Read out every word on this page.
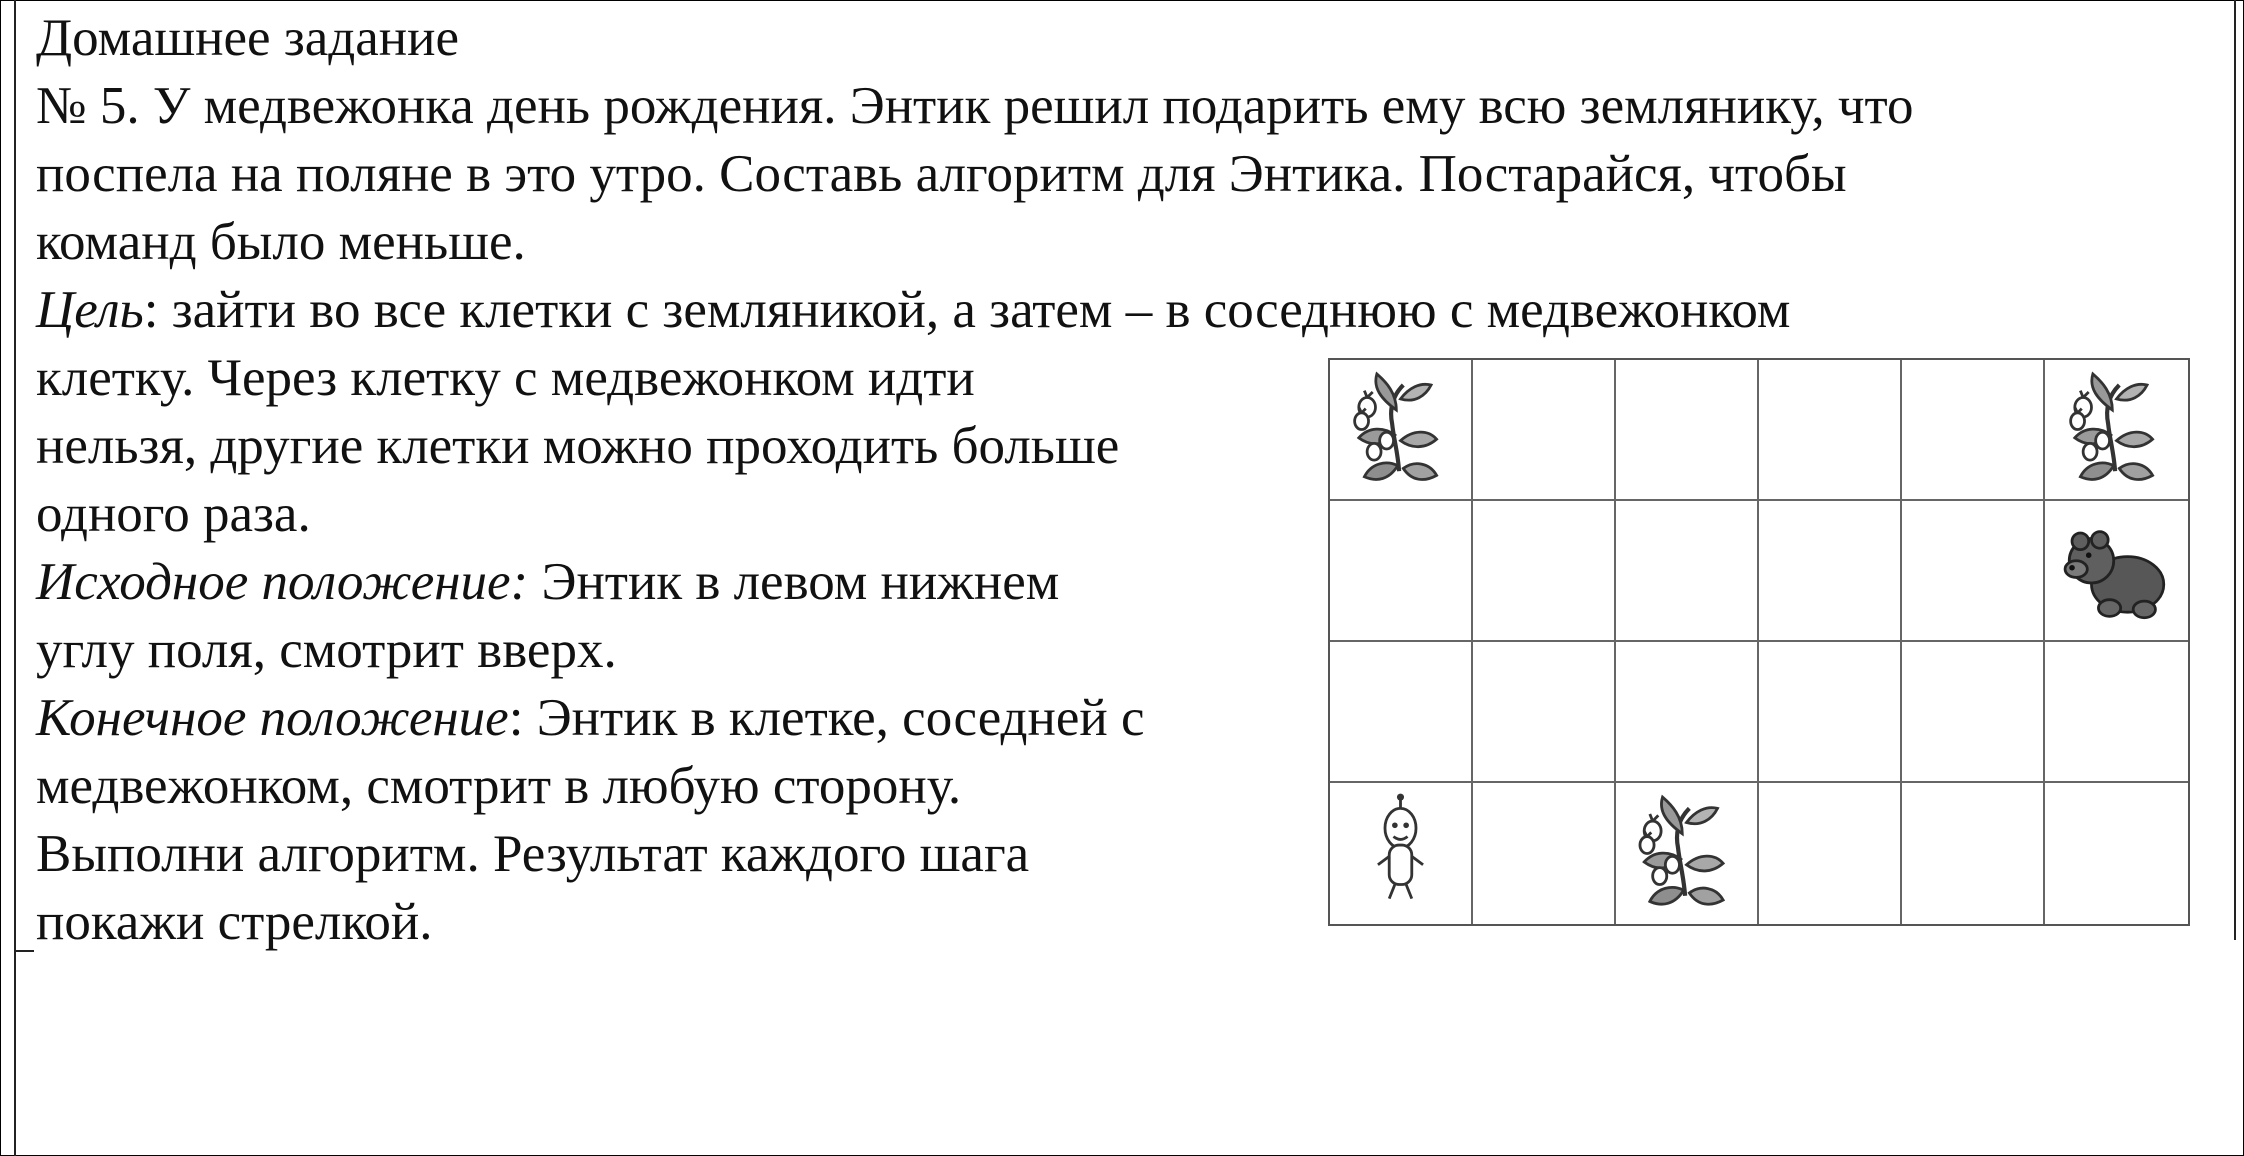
Домашнее задание
№ 5. У медвежонка день рождения. Энтик решил подарить ему всю землянику, что
поспела на поляне в это утро. Составь алгоритм для Энтика. Постарайся, чтобы
команд было меньше.
Цель: зайти во все клетки с земляникой, а затем – в соседнюю с медвежонком
клетку. Через клетку с медвежонком идти
нельзя, другие клетки можно проходить больше
одного раза.
Исходное положение: Энтик в левом нижнем
углу поля, смотрит вверх.
Конечное положение: Энтик в клетке, соседней с
медвежонком, смотрит в любую сторону.
Выполни алгоритм. Результат каждого шага
покажи стрелкой.
